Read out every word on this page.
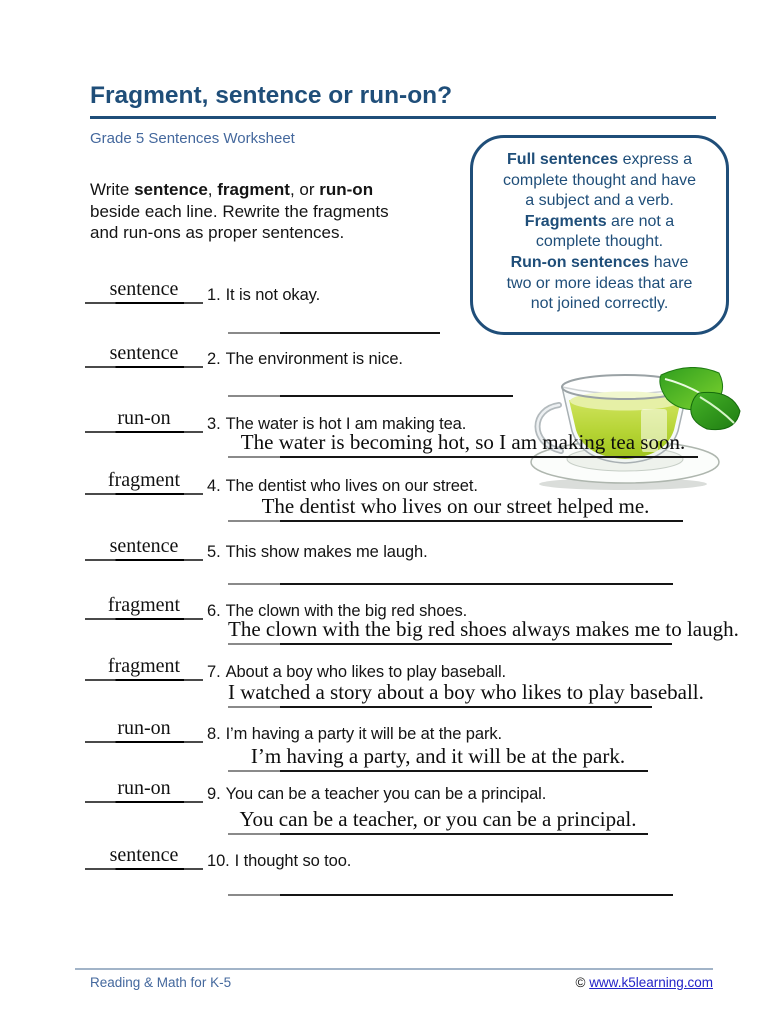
Fragment, sentence or run-on?
Grade 5 Sentences Worksheet
Write sentence, fragment, or run-on
beside each line. Rewrite the fragments
and run-ons as proper sentences.
Full sentences express a
complete thought and have
a subject and a verb.
Fragments are not a
complete thought.
Run-on sentences have
two or more ideas that are
not joined correctly.
sentence	1. It is not okay.
sentence	2. The environment is nice.
run-on	3. The water is hot I am making tea.
The water is becoming hot, so I am making tea soon.
fragment	4. The dentist who lives on our street.
The dentist who lives on our street helped me.
sentence	5. This show makes me laugh.
fragment	6. The clown with the big red shoes.
The clown with the big red shoes always makes me to laugh.
fragment	7. About a boy who likes to play baseball.
I watched a story about a boy who likes to play baseball.
run-on	8. I’m having a party it will be at the park.
I’m having a party, and it will be at the park.
run-on	9. You can be a teacher you can be a principal.
You can be a teacher, or you can be a principal.
sentence	10. I thought so too.
Reading & Math for K-5	© www.k5learning.com
